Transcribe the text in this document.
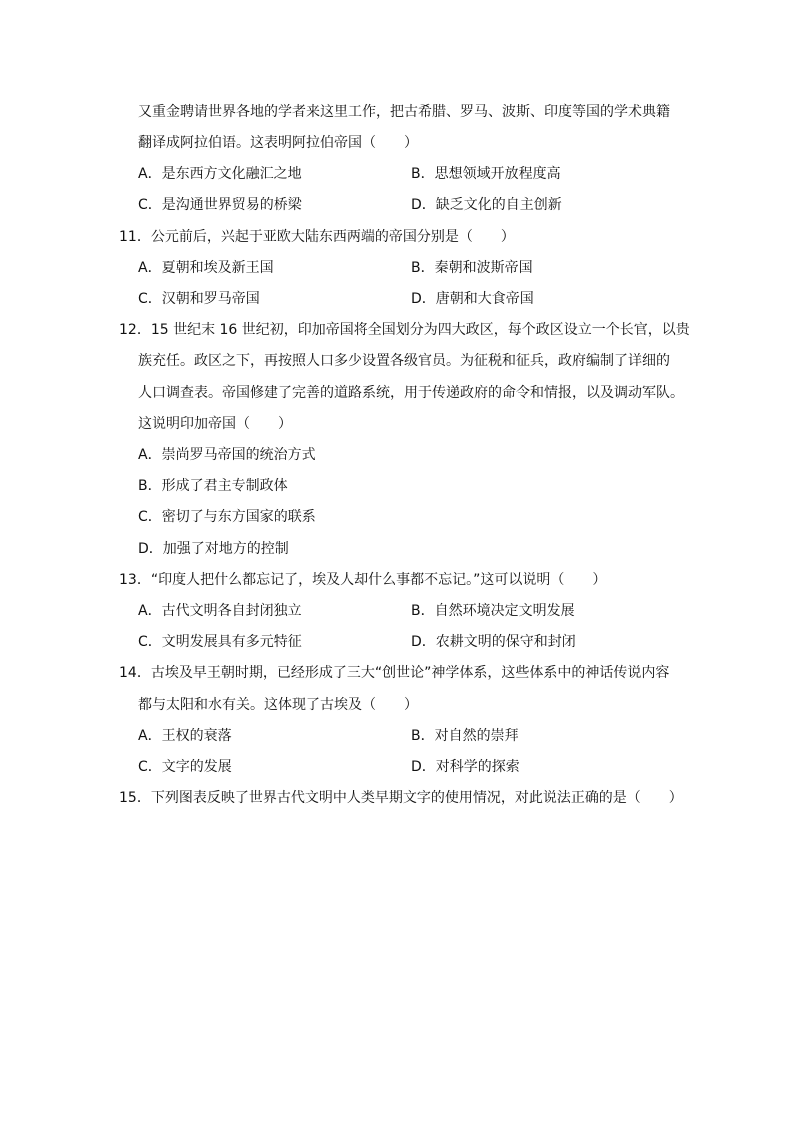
又重金聘请世界各地的学者来这里工作，把古希腊、罗马、波斯、印度等国的学术典籍
翻译成阿拉伯语。这表明阿拉伯帝国（　　）
A．是东西方文化融汇之地	B．思想领域开放程度高
C．是沟通世界贸易的桥梁	D．缺乏文化的自主创新
11．公元前后，兴起于亚欧大陆东西两端的帝国分别是（　　）
A．夏朝和埃及新王国	B．秦朝和波斯帝国
C．汉朝和罗马帝国	D．唐朝和大食帝国
12．15 世纪末 16 世纪初，印加帝国将全国划分为四大政区，每个政区设立一个长官，以贵
族充任。政区之下，再按照人口多少设置各级官员。为征税和征兵，政府编制了详细的
人口调查表。帝国修建了完善的道路系统，用于传递政府的命令和情报，以及调动军队。
这说明印加帝国（　　）
A．崇尚罗马帝国的统治方式
B．形成了君主专制政体
C．密切了与东方国家的联系
D．加强了对地方的控制
13．“印度人把什么都忘记了，埃及人却什么事都不忘记。”这可以说明（　　）
A．古代文明各自封闭独立	B．自然环境决定文明发展
C．文明发展具有多元特征	D．农耕文明的保守和封闭
14．古埃及早王朝时期，已经形成了三大“创世论”神学体系，这些体系中的神话传说内容
都与太阳和水有关。这体现了古埃及（　　）
A．王权的衰落	B．对自然的崇拜
C．文字的发展	D．对科学的探索
15．下列图表反映了世界古代文明中人类早期文字的使用情况，对此说法正确的是（　　）
